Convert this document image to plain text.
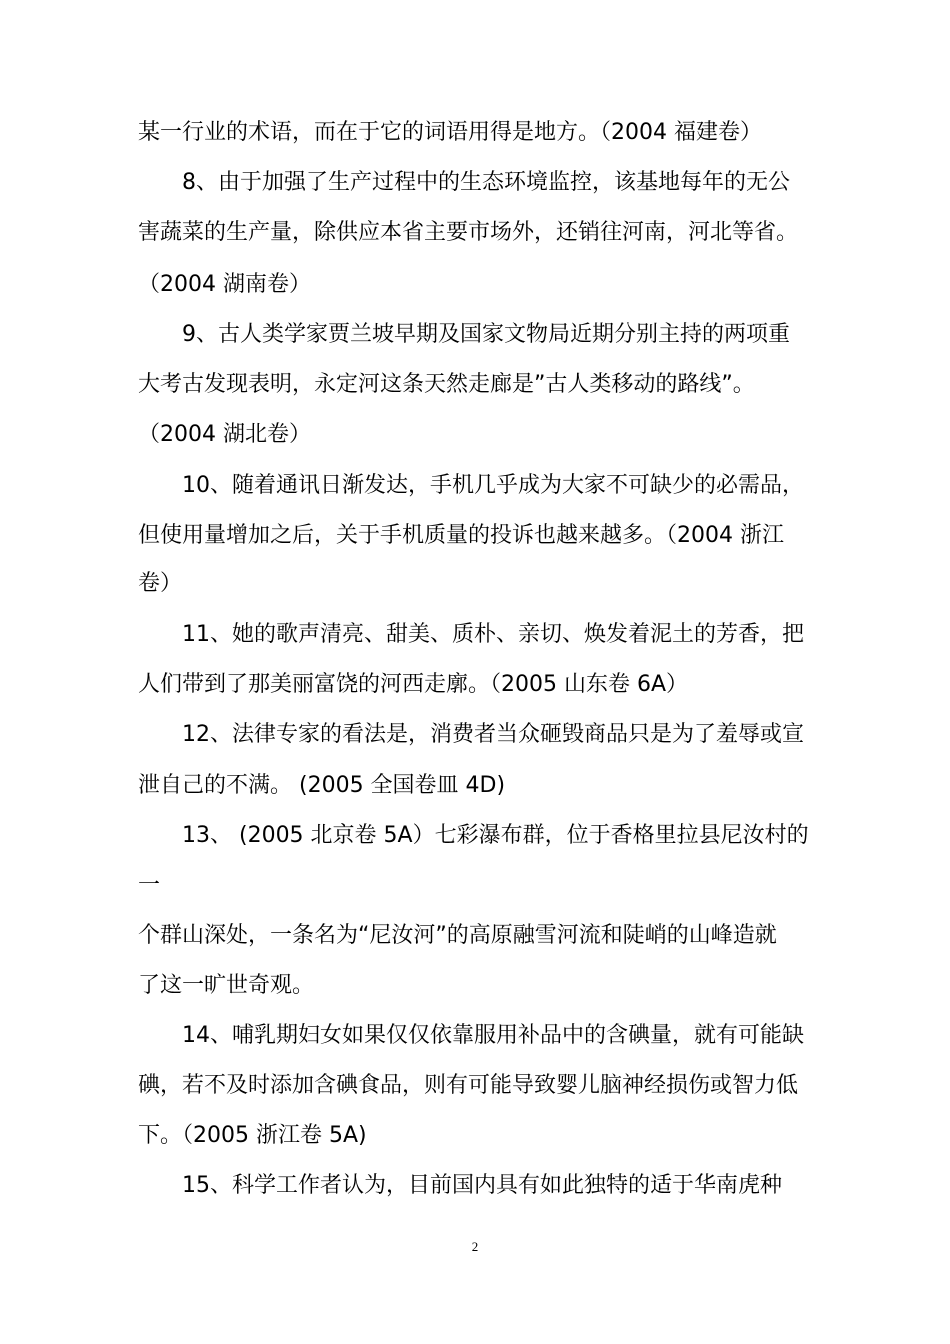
某一行业的术语，而在于它的词语用得是地方。（2004 福建卷）
8、由于加强了生产过程中的生态环境监控，该基地每年的无公
害蔬菜的生产量，除供应本省主要市场外，还销往河南，河北等省。
（2004 湖南卷）
9、古人类学家贾兰坡早期及国家文物局近期分别主持的两项重
大考古发现表明，永定河这条天然走廊是”古人类移动的路线”。
（2004 湖北卷）
10、随着通讯日渐发达，手机几乎成为大家不可缺少的必需品，
但使用量增加之后，关于手机质量的投诉也越来越多。（2004 浙江
卷）
11、她的歌声清亮、甜美、质朴、亲切、焕发着泥土的芳香，把
人们带到了那美丽富饶的河西走廓。（2005 山东卷 6A）
12、法律专家的看法是，消费者当众砸毁商品只是为了羞辱或宣
泄自己的不满。 (2005 全国卷皿 4D)
13、 (2005 北京卷 5A）七彩瀑布群，位于香格里拉县尼汝村的
一
个群山深处，一条名为“尼汝河”的高原融雪河流和陡峭的山峰造就
了这一旷世奇观。
14、哺乳期妇女如果仅仅依靠服用补品中的含碘量，就有可能缺
碘，若不及时添加含碘食品，则有可能导致婴儿脑神经损伤或智力低
下。（2005 浙江卷 5A)
15、科学工作者认为，目前国内具有如此独特的适于华南虎种
2
